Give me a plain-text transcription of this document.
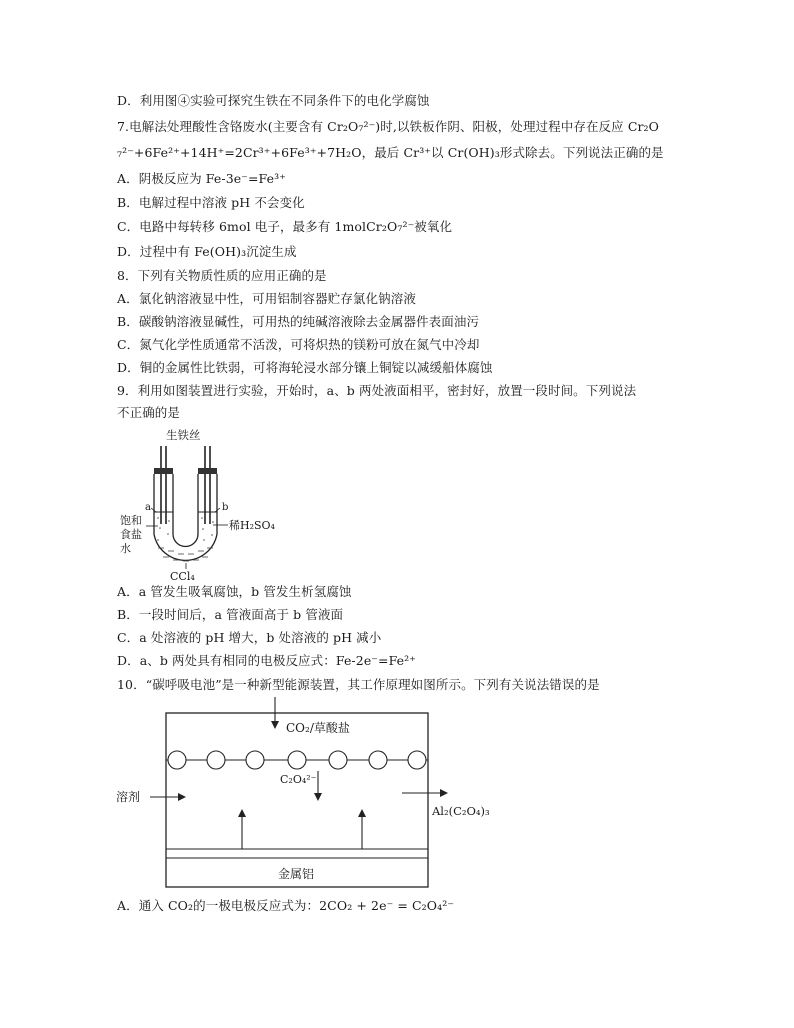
D．利用图④实验可探究生铁在不同条件下的电化学腐蚀
7.电解法处理酸性含铬废水(主要含有 Cr₂O₇²⁻)时,以铁板作阴、阳极，处理过程中存在反应 Cr₂O
₇²⁻+6Fe²⁺+14H⁺=2Cr³⁺+6Fe³⁺+7H₂O，最后 Cr³⁺以 Cr(OH)₃形式除去。下列说法正确的是
A．阴极反应为 Fe-3e⁻=Fe³⁺
B．电解过程中溶液 pH 不会变化
C．电路中每转移 6mol 电子，最多有 1molCr₂O₇²⁻被氧化
D．过程中有 Fe(OH)₃沉淀生成
8．下列有关物质性质的应用正确的是
A．氯化钠溶液显中性，可用铝制容器贮存氯化钠溶液
B．碳酸钠溶液显碱性，可用热的纯碱溶液除去金属器件表面油污
C．氮气化学性质通常不活泼，可将炽热的镁粉可放在氮气中冷却
D．铜的金属性比铁弱，可将海轮浸水部分镶上铜锭以减缓船体腐蚀
9．利用如图装置进行实验，开始时，a、b 两处液面相平，密封好，放置一段时间。下列说法
不正确的是
生铁丝
a	b
饱和
食盐
水
稀H₂SO₄
CCl₄
A．a 管发生吸氧腐蚀，b 管发生析氢腐蚀
B．一段时间后，a 管液面高于 b 管液面
C．a 处溶液的 pH 增大，b 处溶液的 pH 减小
D．a、b 两处具有相同的电极反应式：Fe-2e⁻=Fe²⁺
10．“碳呼吸电池”是一种新型能源装置，其工作原理如图所示。下列有关说法错误的是
CO₂/草酸盐
C₂O₄²⁻
溶剂
Al₂(C₂O₄)₃
金属铝
A．通入 CO₂的一极电极反应式为：2CO₂ + 2e⁻ = C₂O₄²⁻
